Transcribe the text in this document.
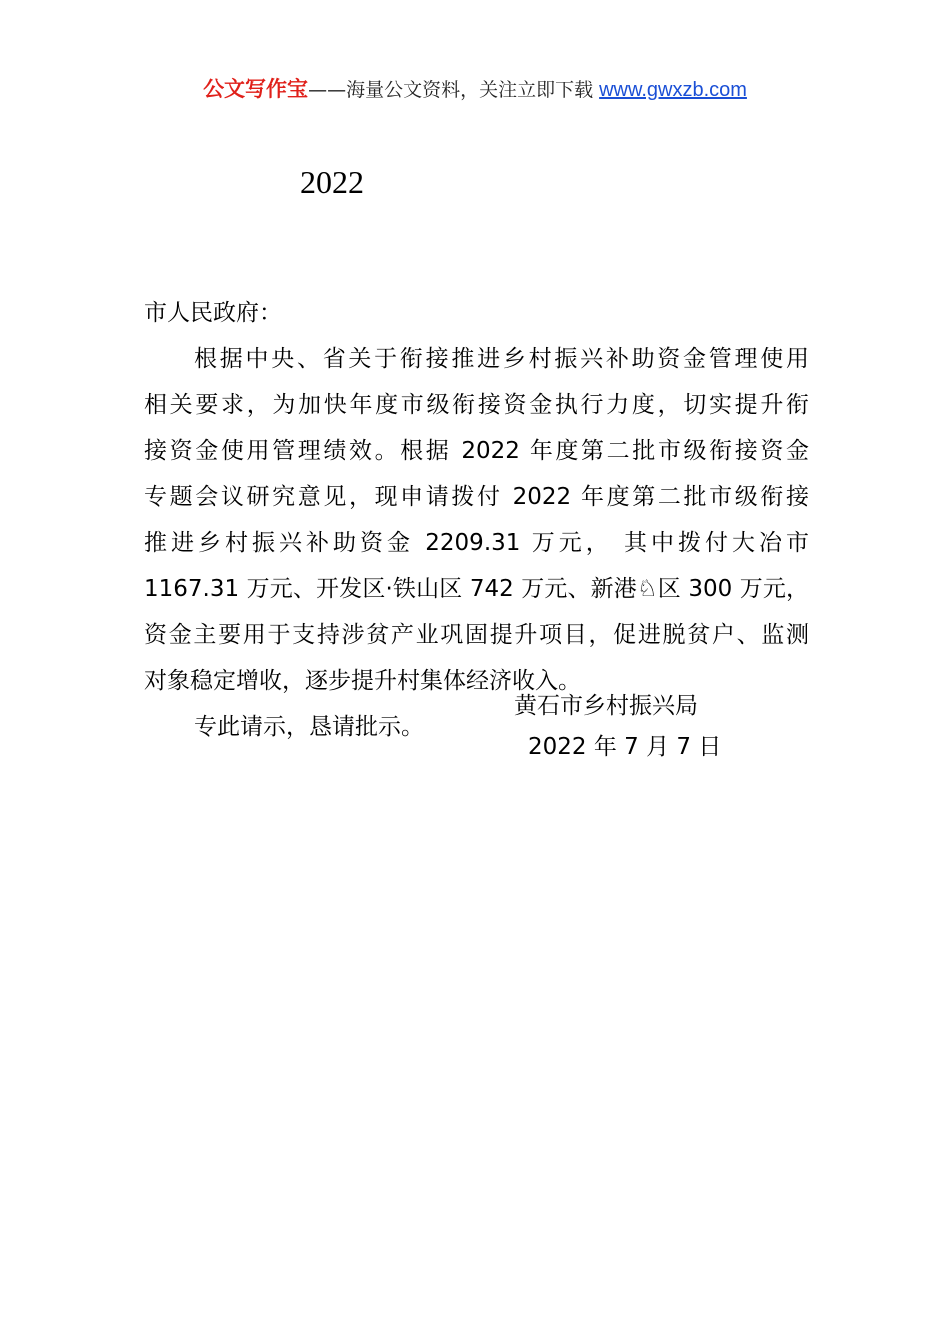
公文写作宝——海量公文资料，关注立即下载 www.gwxzb.com
2022
市人民政府：
根据中央、省关于衔接推进乡村振兴补助资金管理使用
相关要求，为加快年度市级衔接资金执行力度，切实提升衔
接资金使用管理绩效。根据 2022 年度第二批市级衔接资金
专题会议研究意见，现申请拨付 2022 年度第二批市级衔接
推进乡村振兴补助资金 2209.31 万元， 其中拨付大冶市
1167.31 万元、开发区·铁山区 742 万元、新港♘区 300 万元，
资金主要用于支持涉贫产业巩固提升项目，促进脱贫户、监测
对象稳定增收，逐步提升村集体经济收入。
专此请示，恳请批示。
黄石市乡村振兴局
2022 年 7 月 7 日
